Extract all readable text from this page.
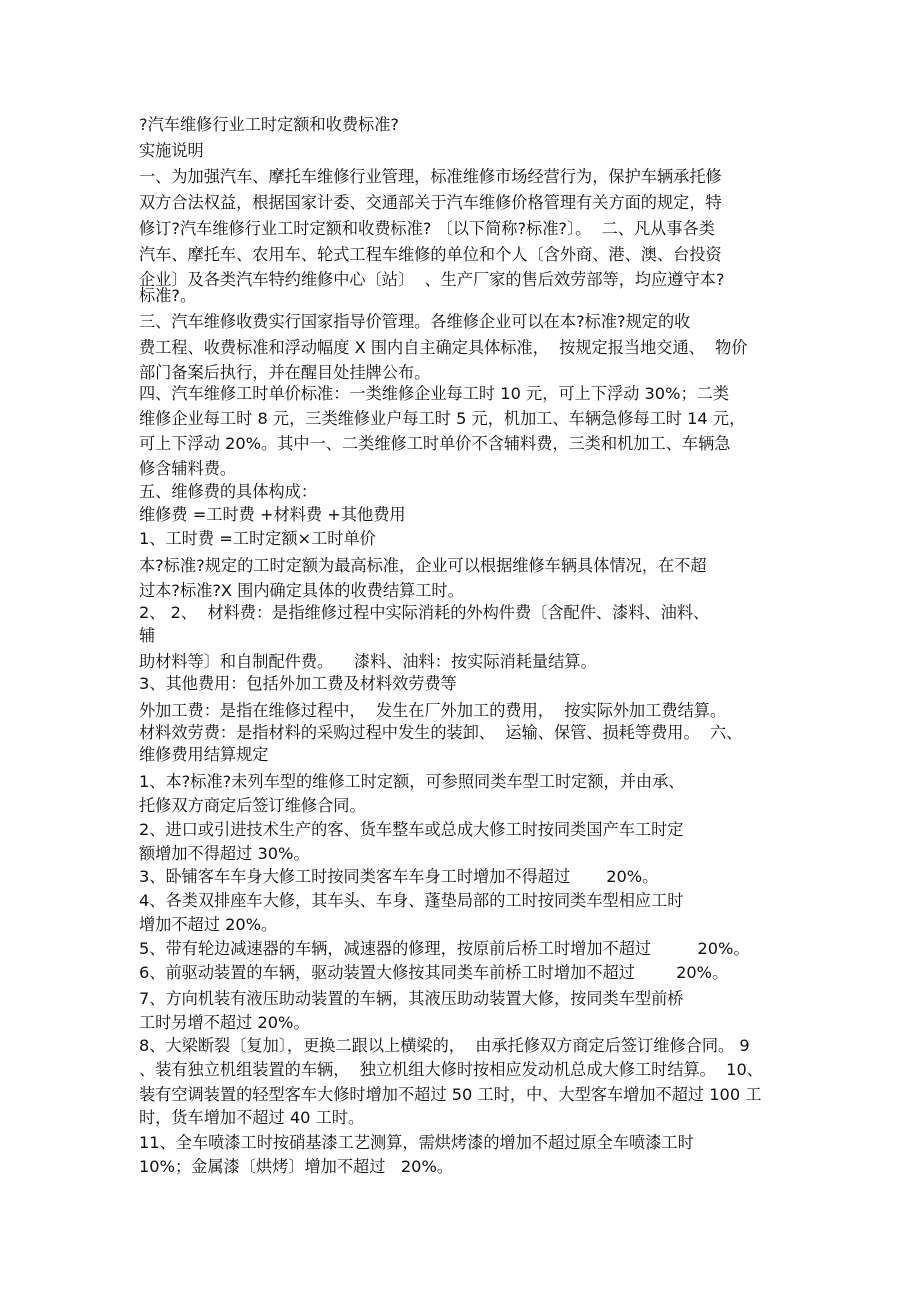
?汽车维修行业工时定额和收费标准?

实施说明

一、为加强汽车、摩托车维修行业管理，标准维修市场经营行为，保护车辆承托修

双方合法权益，根据国家计委、交通部关于汽车维修价格管理有关方面的规定，特

修订?汽车维修行业工时定额和收费标准? 〔以下简称?标准?〕。  二、凡从事各类

汽车、摩托车、农用车、轮式工程车维修的单位和个人〔含外商、港、澳、台投资

企业〕及各类汽车特约维修中心〔站〕  、生产厂家的售后效劳部等，均应遵守本?

标准?。

三、汽车维修收费实行国家指导价管理。各维修企业可以在本?标准?规定的收

费工程、收费标准和浮动幅度 X 围内自主确定具体标准，  按规定报当地交通、  物价

部门备案后执行，并在醒目处挂牌公布。

四、汽车维修工时单价标准：一类维修企业每工时 10 元，可上下浮动 30%；二类

维修企业每工时 8 元，三类维修业户每工时 5 元，机加工、车辆急修每工时 14 元，

可上下浮动 20%。其中一、二类维修工时单价不含辅料费，三类和机加工、车辆急

修含辅料费。

五、维修费的具体构成：

维修费 =工时费 +材料费 +其他费用

1、工时费 =工时定额×工时单价

本?标准?规定的工时定额为最高标准，企业可以根据维修车辆具体情况，在不超

过本?标准?X 围内确定具体的收费结算工时。

2、 2、  材料费：是指维修过程中实际消耗的外构件费〔含配件、漆料、油料、

辅

助材料等〕和自制配件费。    漆料、油料：按实际消耗量结算。

3、其他费用：包括外加工费及材料效劳费等

外加工费：是指在维修过程中，  发生在厂外加工的费用，  按实际外加工费结算。

材料效劳费：是指材料的采购过程中发生的装卸、  运输、保管、损耗等费用。  六、

维修费用结算规定

1、本?标准?未列车型的维修工时定额，可参照同类车型工时定额，并由承、

托修双方商定后签订维修合同。

2、进口或引进技术生产的客、货车整车或总成大修工时按同类国产车工时定

额增加不得超过 30%。

3、卧铺客车车身大修工时按同类客车车身工时增加不得超过       20%。

4、各类双排座车大修，其车头、车身、蓬垫局部的工时按同类车型相应工时

增加不超过 20%。

5、带有轮边减速器的车辆，减速器的修理，按原前后桥工时增加不超过         20%。

6、前驱动装置的车辆，驱动装置大修按其同类车前桥工时增加不超过        20%。

7、方向机装有液压助动装置的车辆，其液压助动装置大修，按同类车型前桥

工时另增不超过 20%。

8、大梁断裂〔复加〕，更换二跟以上横梁的，  由承托修双方商定后签订维修合同。 9

、装有独立机组装置的车辆，  独立机组大修时按相应发动机总成大修工时结算。  10、

装有空调装置的轻型客车大修时增加不超过 50 工时，中、大型客车增加不超过 100 工

时，货车增加不超过 40 工时。

11、全车喷漆工时按硝基漆工艺测算，需烘烤漆的增加不超过原全车喷漆工时

10%；金属漆〔烘烤〕增加不超过   20%。
